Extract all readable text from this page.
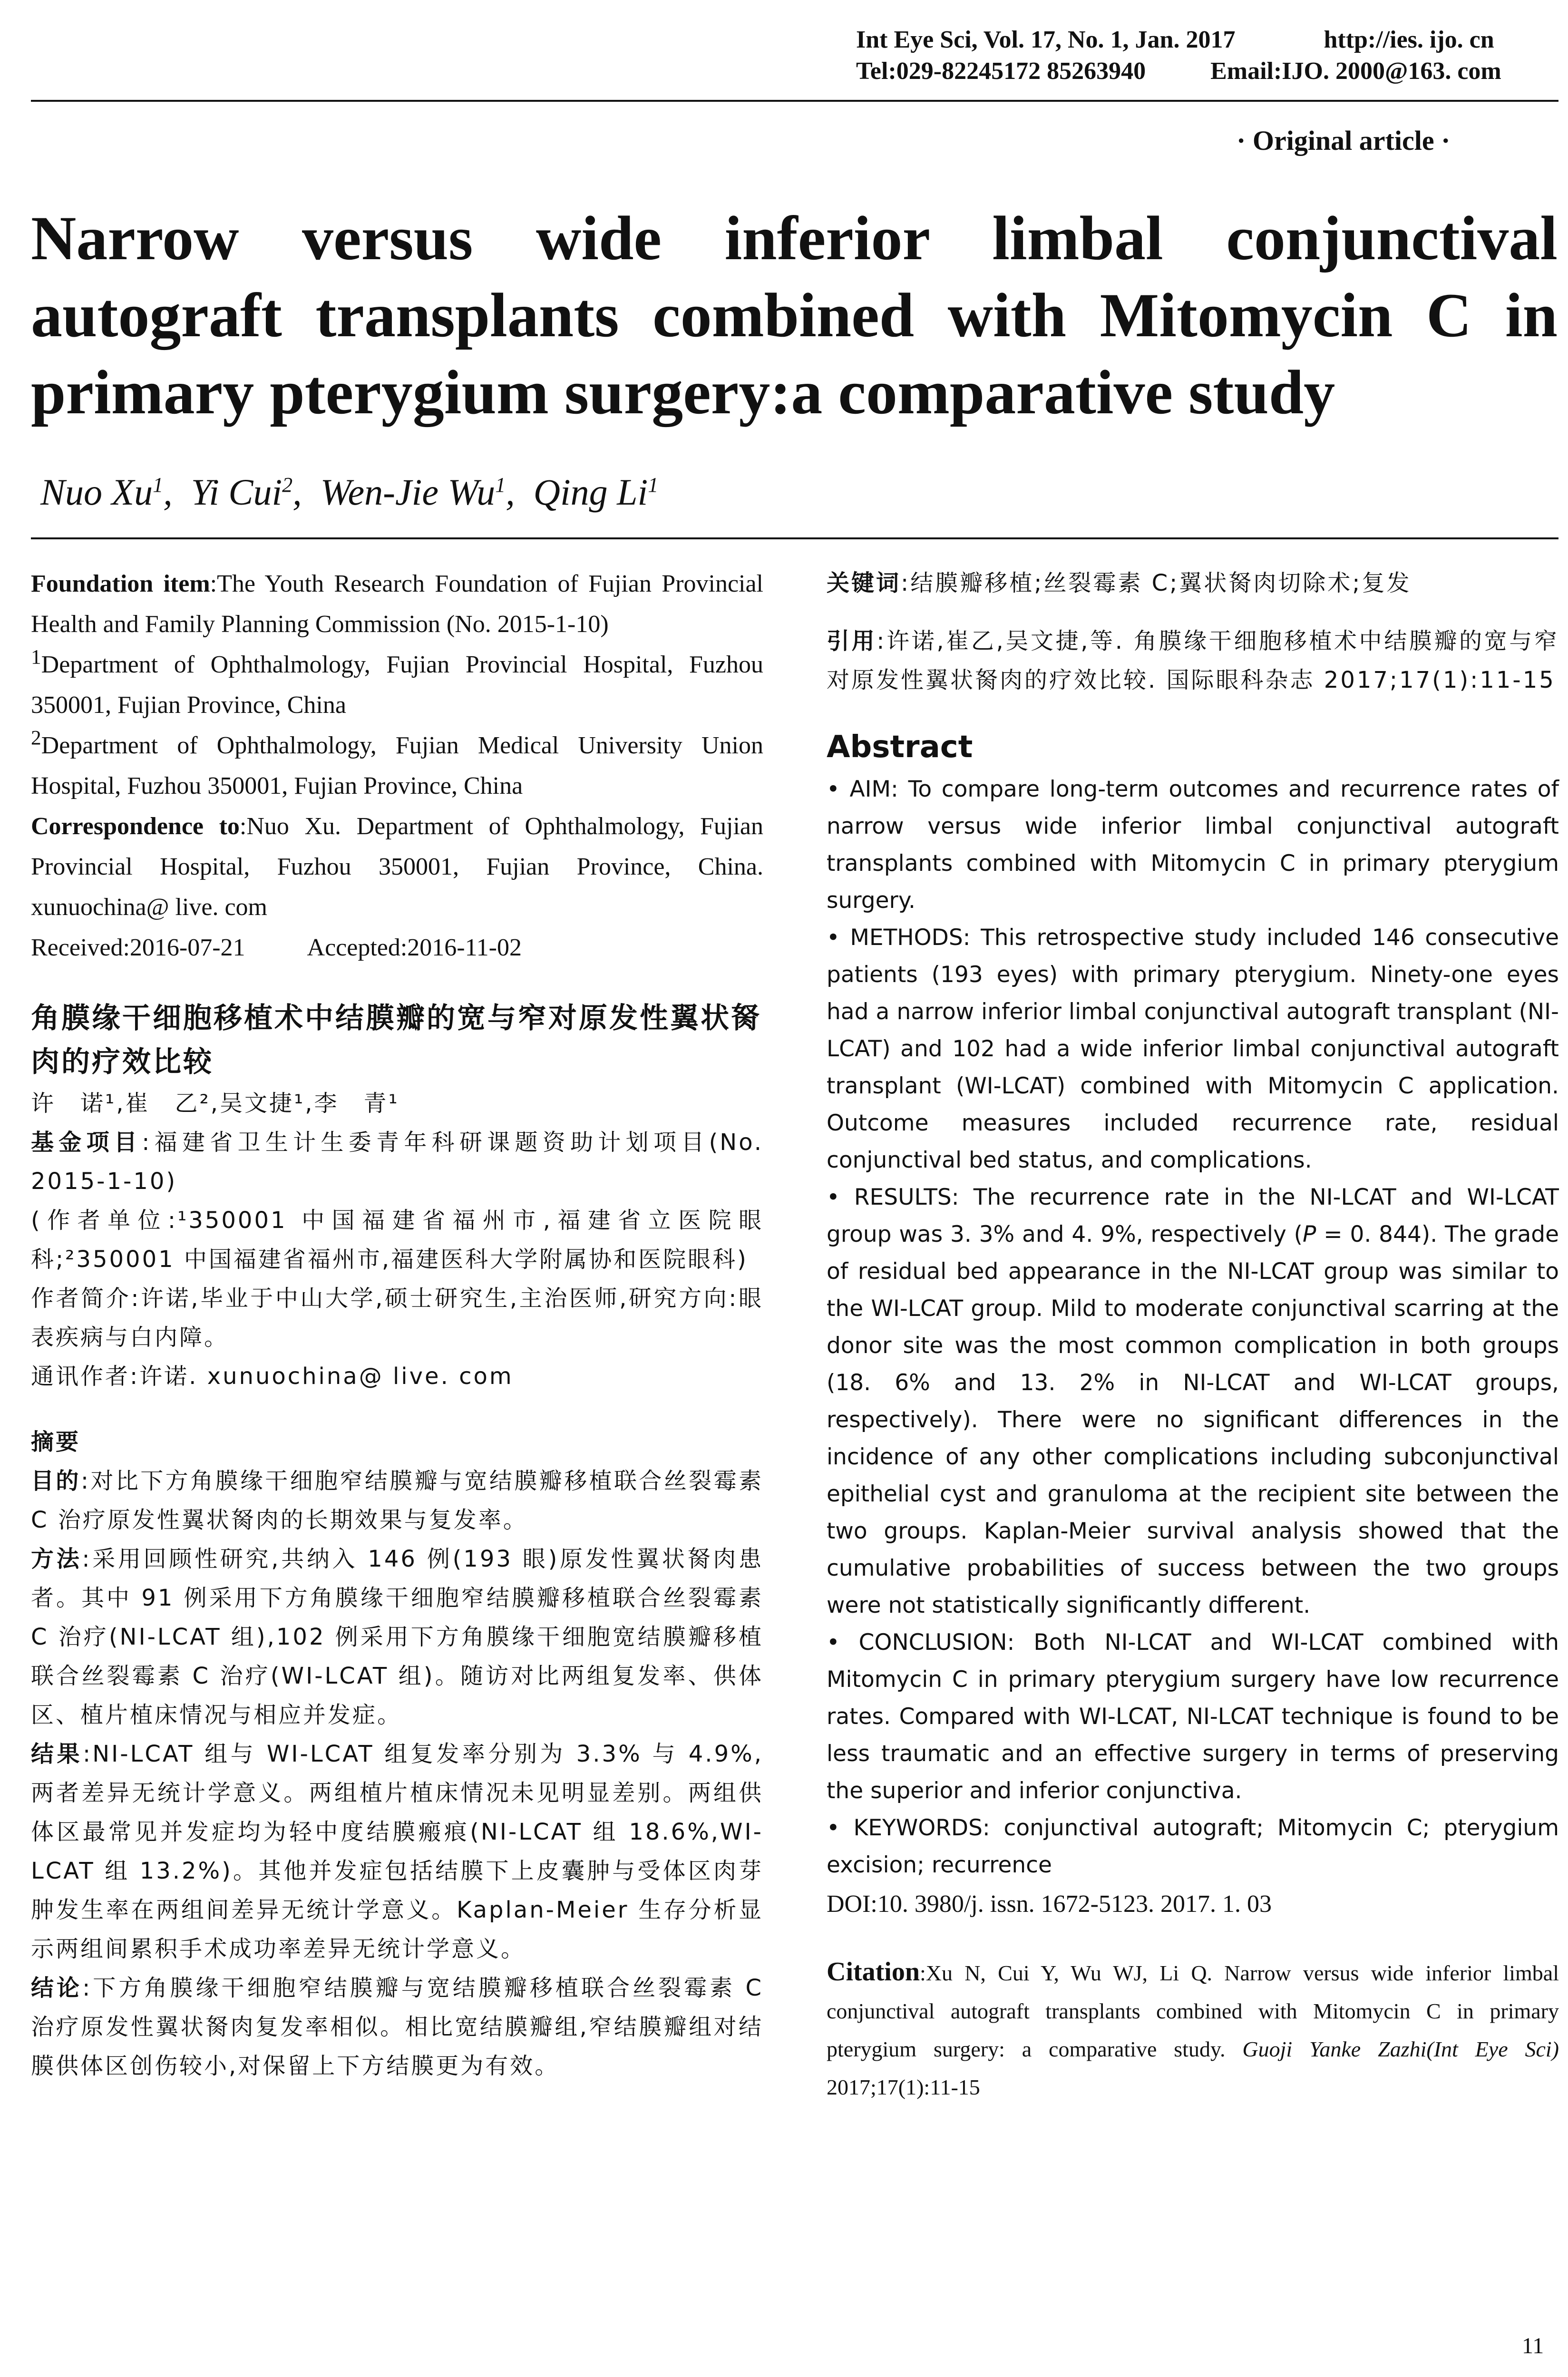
Int Eye Sci, Vol. 17, No. 1, Jan. 2017	http://ies. ijo. cn
Tel:029-82245172 85263940	Email:IJO. 2000@163. com
· Original article ·
Narrow versus wide inferior limbal conjunctival
autograft transplants combined with Mitomycin C in
primary pterygium surgery:a comparative study
Nuo Xu$^1$,  Yi Cui$^2$,  Wen-Jie Wu$^1$,  Qing Li$^1$
Foundation item:The Youth Research Foundation of Fujian Provincial Health and Family Planning Commission (No. 2015-1-10)
$^1$Department of Ophthalmology, Fujian Provincial Hospital, Fuzhou 350001, Fujian Province, China
$^2$Department of Ophthalmology, Fujian Medical University Union Hospital, Fuzhou 350001, Fujian Province, China
Correspondence to:Nuo Xu. Department of Ophthalmology, Fujian Provincial Hospital, Fuzhou 350001, Fujian Province, China. xunuochina@ live. com
Received:2016-07-21	Accepted:2016-11-02
角膜缘干细胞移植术中结膜瓣的宽与窄对原发性翼状胬肉的疗效比较
许　诺¹,崔　乙²,吴文捷¹,李　青¹
基金项目:福建省卫生计生委青年科研课题资助计划项目(No. 2015-1-10)
(作者单位:¹350001 中国福建省福州市,福建省立医院眼科;²350001 中国福建省福州市,福建医科大学附属协和医院眼科)
作者简介:许诺,毕业于中山大学,硕士研究生,主治医师,研究方向:眼表疾病与白内障。
通讯作者:许诺. xunuochina@ live. com
摘要
目的:对比下方角膜缘干细胞窄结膜瓣与宽结膜瓣移植联合丝裂霉素 C 治疗原发性翼状胬肉的长期效果与复发率。
方法:采用回顾性研究,共纳入 146 例(193 眼)原发性翼状胬肉患者。其中 91 例采用下方角膜缘干细胞窄结膜瓣移植联合丝裂霉素 C 治疗(NI-LCAT 组),102 例采用下方角膜缘干细胞宽结膜瓣移植联合丝裂霉素 C 治疗(WI-LCAT 组)。随访对比两组复发率、供体区、植片植床情况与相应并发症。
结果:NI-LCAT 组与 WI-LCAT 组复发率分别为 3.3% 与 4.9%,两者差异无统计学意义。两组植片植床情况未见明显差别。两组供体区最常见并发症均为轻中度结膜瘢痕(NI-LCAT 组 18.6%,WI-LCAT 组 13.2%)。其他并发症包括结膜下上皮囊肿与受体区肉芽肿发生率在两组间差异无统计学意义。Kaplan-Meier 生存分析显示两组间累积手术成功率差异无统计学意义。
结论:下方角膜缘干细胞窄结膜瓣与宽结膜瓣移植联合丝裂霉素 C 治疗原发性翼状胬肉复发率相似。相比宽结膜瓣组,窄结膜瓣组对结膜供体区创伤较小,对保留上下方结膜更为有效。
关键词:结膜瓣移植;丝裂霉素 C;翼状胬肉切除术;复发
引用:许诺,崔乙,吴文捷,等. 角膜缘干细胞移植术中结膜瓣的宽与窄对原发性翼状胬肉的疗效比较. 国际眼科杂志 2017;17(1):11-15
Abstract
• AIM: To compare long-term outcomes and recurrence rates of narrow versus wide inferior limbal conjunctival autograft transplants combined with Mitomycin C in primary pterygium surgery.
• METHODS: This retrospective study included 146 consecutive patients (193 eyes) with primary pterygium. Ninety-one eyes had a narrow inferior limbal conjunctival autograft transplant (NI-LCAT) and 102 had a wide inferior limbal conjunctival autograft transplant (WI-LCAT) combined with Mitomycin C application. Outcome measures included recurrence rate, residual conjunctival bed status, and complications.
• RESULTS: The recurrence rate in the NI-LCAT and WI-LCAT group was 3. 3% and 4. 9%, respectively (P = 0. 844). The grade of residual bed appearance in the NI-LCAT group was similar to the WI-LCAT group. Mild to moderate conjunctival scarring at the donor site was the most common complication in both groups (18. 6% and 13. 2% in NI-LCAT and WI-LCAT groups, respectively). There were no significant differences in the incidence of any other complications including subconjunctival epithelial cyst and granuloma at the recipient site between the two groups. Kaplan-Meier survival analysis showed that the cumulative probabilities of success between the two groups were not statistically significantly different.
• CONCLUSION: Both NI-LCAT and WI-LCAT combined with Mitomycin C in primary pterygium surgery have low recurrence rates. Compared with WI-LCAT, NI-LCAT technique is found to be less traumatic and an effective surgery in terms of preserving the superior and inferior conjunctiva.
• KEYWORDS: conjunctival autograft; Mitomycin C; pterygium excision; recurrence
DOI:10. 3980/j. issn. 1672-5123. 2017. 1. 03
Citation:Xu N, Cui Y, Wu WJ, Li Q. Narrow versus wide inferior limbal conjunctival autograft transplants combined with Mitomycin C in primary pterygium surgery: a comparative study. Guoji Yanke Zazhi(Int Eye Sci) 2017;17(1):11-15
11
